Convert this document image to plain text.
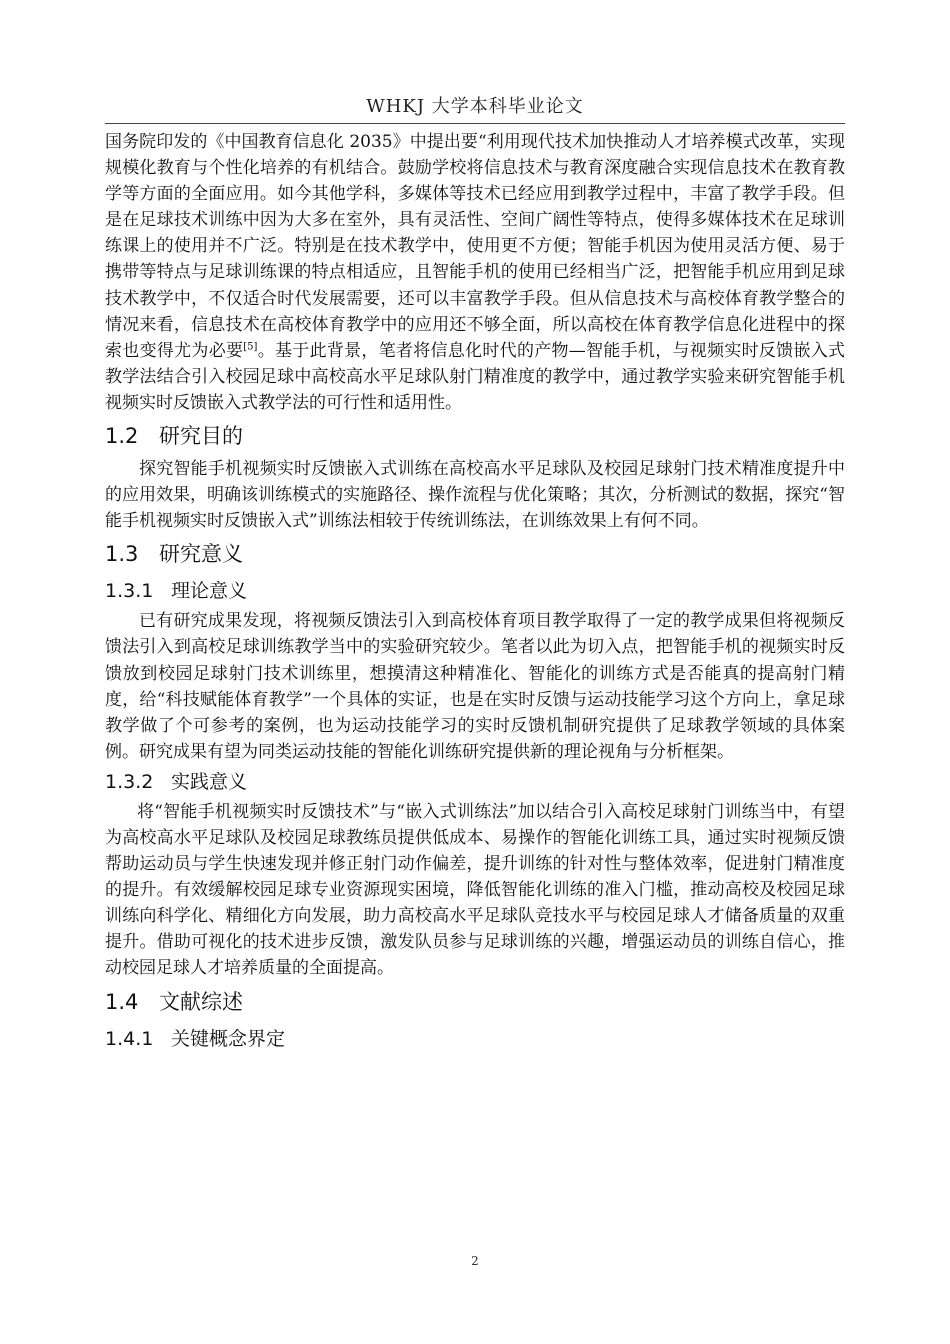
WHKJ 大学本科毕业论文

国务院印发的《中国教育信息化 2035》中提出要“利用现代技术加快推动人才培养模式改革，实现规模化教育与个性化培养的有机结合。鼓励学校将信息技术与教育深度融合实现信息技术在教育教学等方面的全面应用。如今其他学科，多媒体等技术已经应用到教学过程中，丰富了教学手段。但是在足球技术训练中因为大多在室外，具有灵活性、空间广阔性等特点，使得多媒体技术在足球训练课上的使用并不广泛。特别是在技术教学中，使用更不方便；智能手机因为使用灵活方便、易于携带等特点与足球训练课的特点相适应，且智能手机的使用已经相当广泛，把智能手机应用到足球技术教学中，不仅适合时代发展需要，还可以丰富教学手段。但从信息技术与高校体育教学整合的情况来看，信息技术在高校体育教学中的应用还不够全面，所以高校在体育教学信息化进程中的探索也变得尤为必要[5]。基于此背景，笔者将信息化时代的产物—智能手机，与视频实时反馈嵌入式教学法结合引入校园足球中高校高水平足球队射门精准度的教学中，通过教学实验来研究智能手机视频实时反馈嵌入式教学法的可行性和适用性。

1.2 研究目的

探究智能手机视频实时反馈嵌入式训练在高校高水平足球队及校园足球射门技术精准度提升中的应用效果，明确该训练模式的实施路径、操作流程与优化策略；其次，分析测试的数据，探究“智能手机视频实时反馈嵌入式”训练法相较于传统训练法，在训练效果上有何不同。

1.3 研究意义
1.3.1 理论意义

已有研究成果发现，将视频反馈法引入到高校体育项目教学取得了一定的教学成果但将视频反馈法引入到高校足球训练教学当中的实验研究较少。笔者以此为切入点，把智能手机的视频实时反馈放到校园足球射门技术训练里，想摸清这种精准化、智能化的训练方式是否能真的提高射门精度，给“科技赋能体育教学”一个具体的实证，也是在实时反馈与运动技能学习这个方向上，拿足球教学做了个可参考的案例，也为运动技能学习的实时反馈机制研究提供了足球教学领域的具体案例。研究成果有望为同类运动技能的智能化训练研究提供新的理论视角与分析框架。

1.3.2 实践意义

将“智能手机视频实时反馈技术”与“嵌入式训练法”加以结合引入高校足球射门训练当中，有望为高校高水平足球队及校园足球教练员提供低成本、易操作的智能化训练工具，通过实时视频反馈帮助运动员与学生快速发现并修正射门动作偏差，提升训练的针对性与整体效率，促进射门精准度的提升。有效缓解校园足球专业资源现实困境，降低智能化训练的准入门槛，推动高校及校园足球训练向科学化、精细化方向发展，助力高校高水平足球队竞技水平与校园足球人才储备质量的双重提升。借助可视化的技术进步反馈，激发队员参与足球训练的兴趣，增强运动员的训练自信心，推动校园足球人才培养质量的全面提高。

1.4 文献综述
1.4.1 关键概念界定
2
